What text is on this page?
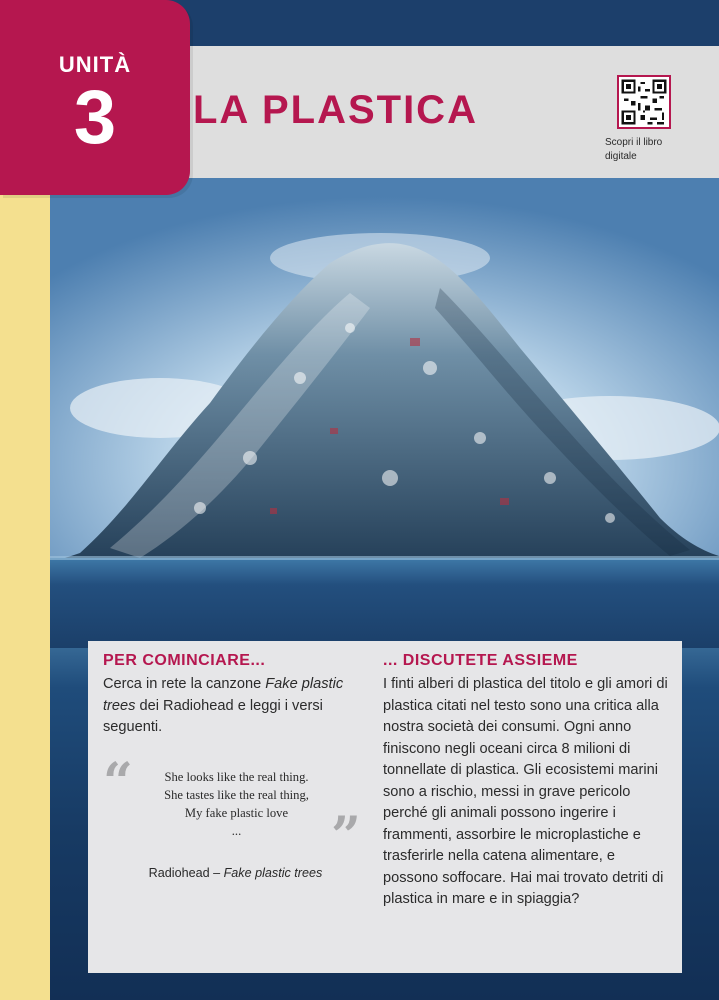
UNITÀ
3	LA PLASTICA
Scopri il libro digitale
PER COMINCIARE...

Cerca in rete la canzone Fake plastic trees dei Radiohead e leggi i versi seguenti.

“	She looks like the real thing.
She tastes like the real thing,
My fake plastic love
...	”
Radiohead – Fake plastic trees
... DISCUTETE ASSIEME

I finti alberi di plastica del titolo e gli amori di plastica citati nel testo sono una critica alla nostra società dei consumi. Ogni anno finiscono negli oceani circa 8 milioni di tonnellate di plastica. Gli ecosistemi marini sono a rischio, messi in grave pericolo perché gli animali possono ingerire i frammenti, assorbire le microplastiche e trasferirle nella catena alimentare, e possono soffocare. Hai mai trovato detriti di plastica in mare e in spiaggia?
